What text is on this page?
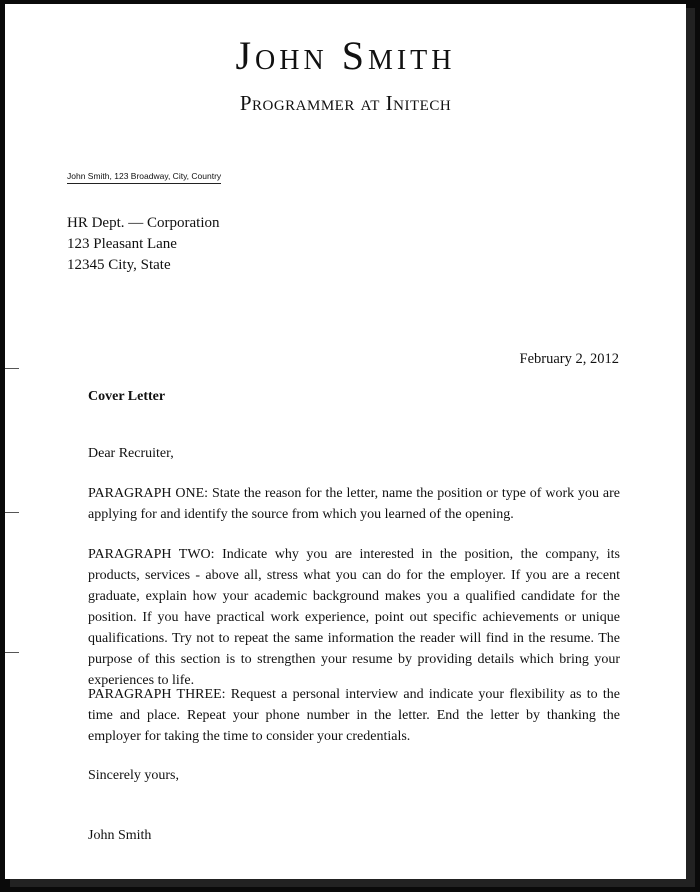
John Smith
Programmer at Initech
John Smith, 123 Broadway, City, Country
HR Dept. — Corporation
123 Pleasant Lane
12345 City, State
February 2, 2012
Cover Letter
Dear Recruiter,
PARAGRAPH ONE: State the reason for the letter, name the position or type of work you are applying for and identify the source from which you learned of the opening.
PARAGRAPH TWO: Indicate why you are interested in the position, the company, its products, services - above all, stress what you can do for the employer. If you are a recent graduate, explain how your academic background makes you a qualified candidate for the position. If you have practical work experience, point out specific achievements or unique qualifications. Try not to repeat the same information the reader will find in the resume. The purpose of this section is to strengthen your resume by providing details which bring your experiences to life.
PARAGRAPH THREE: Request a personal interview and indicate your flexibility as to the time and place. Repeat your phone number in the letter. End the letter by thanking the employer for taking the time to consider your credentials.
Sincerely yours,
John Smith
